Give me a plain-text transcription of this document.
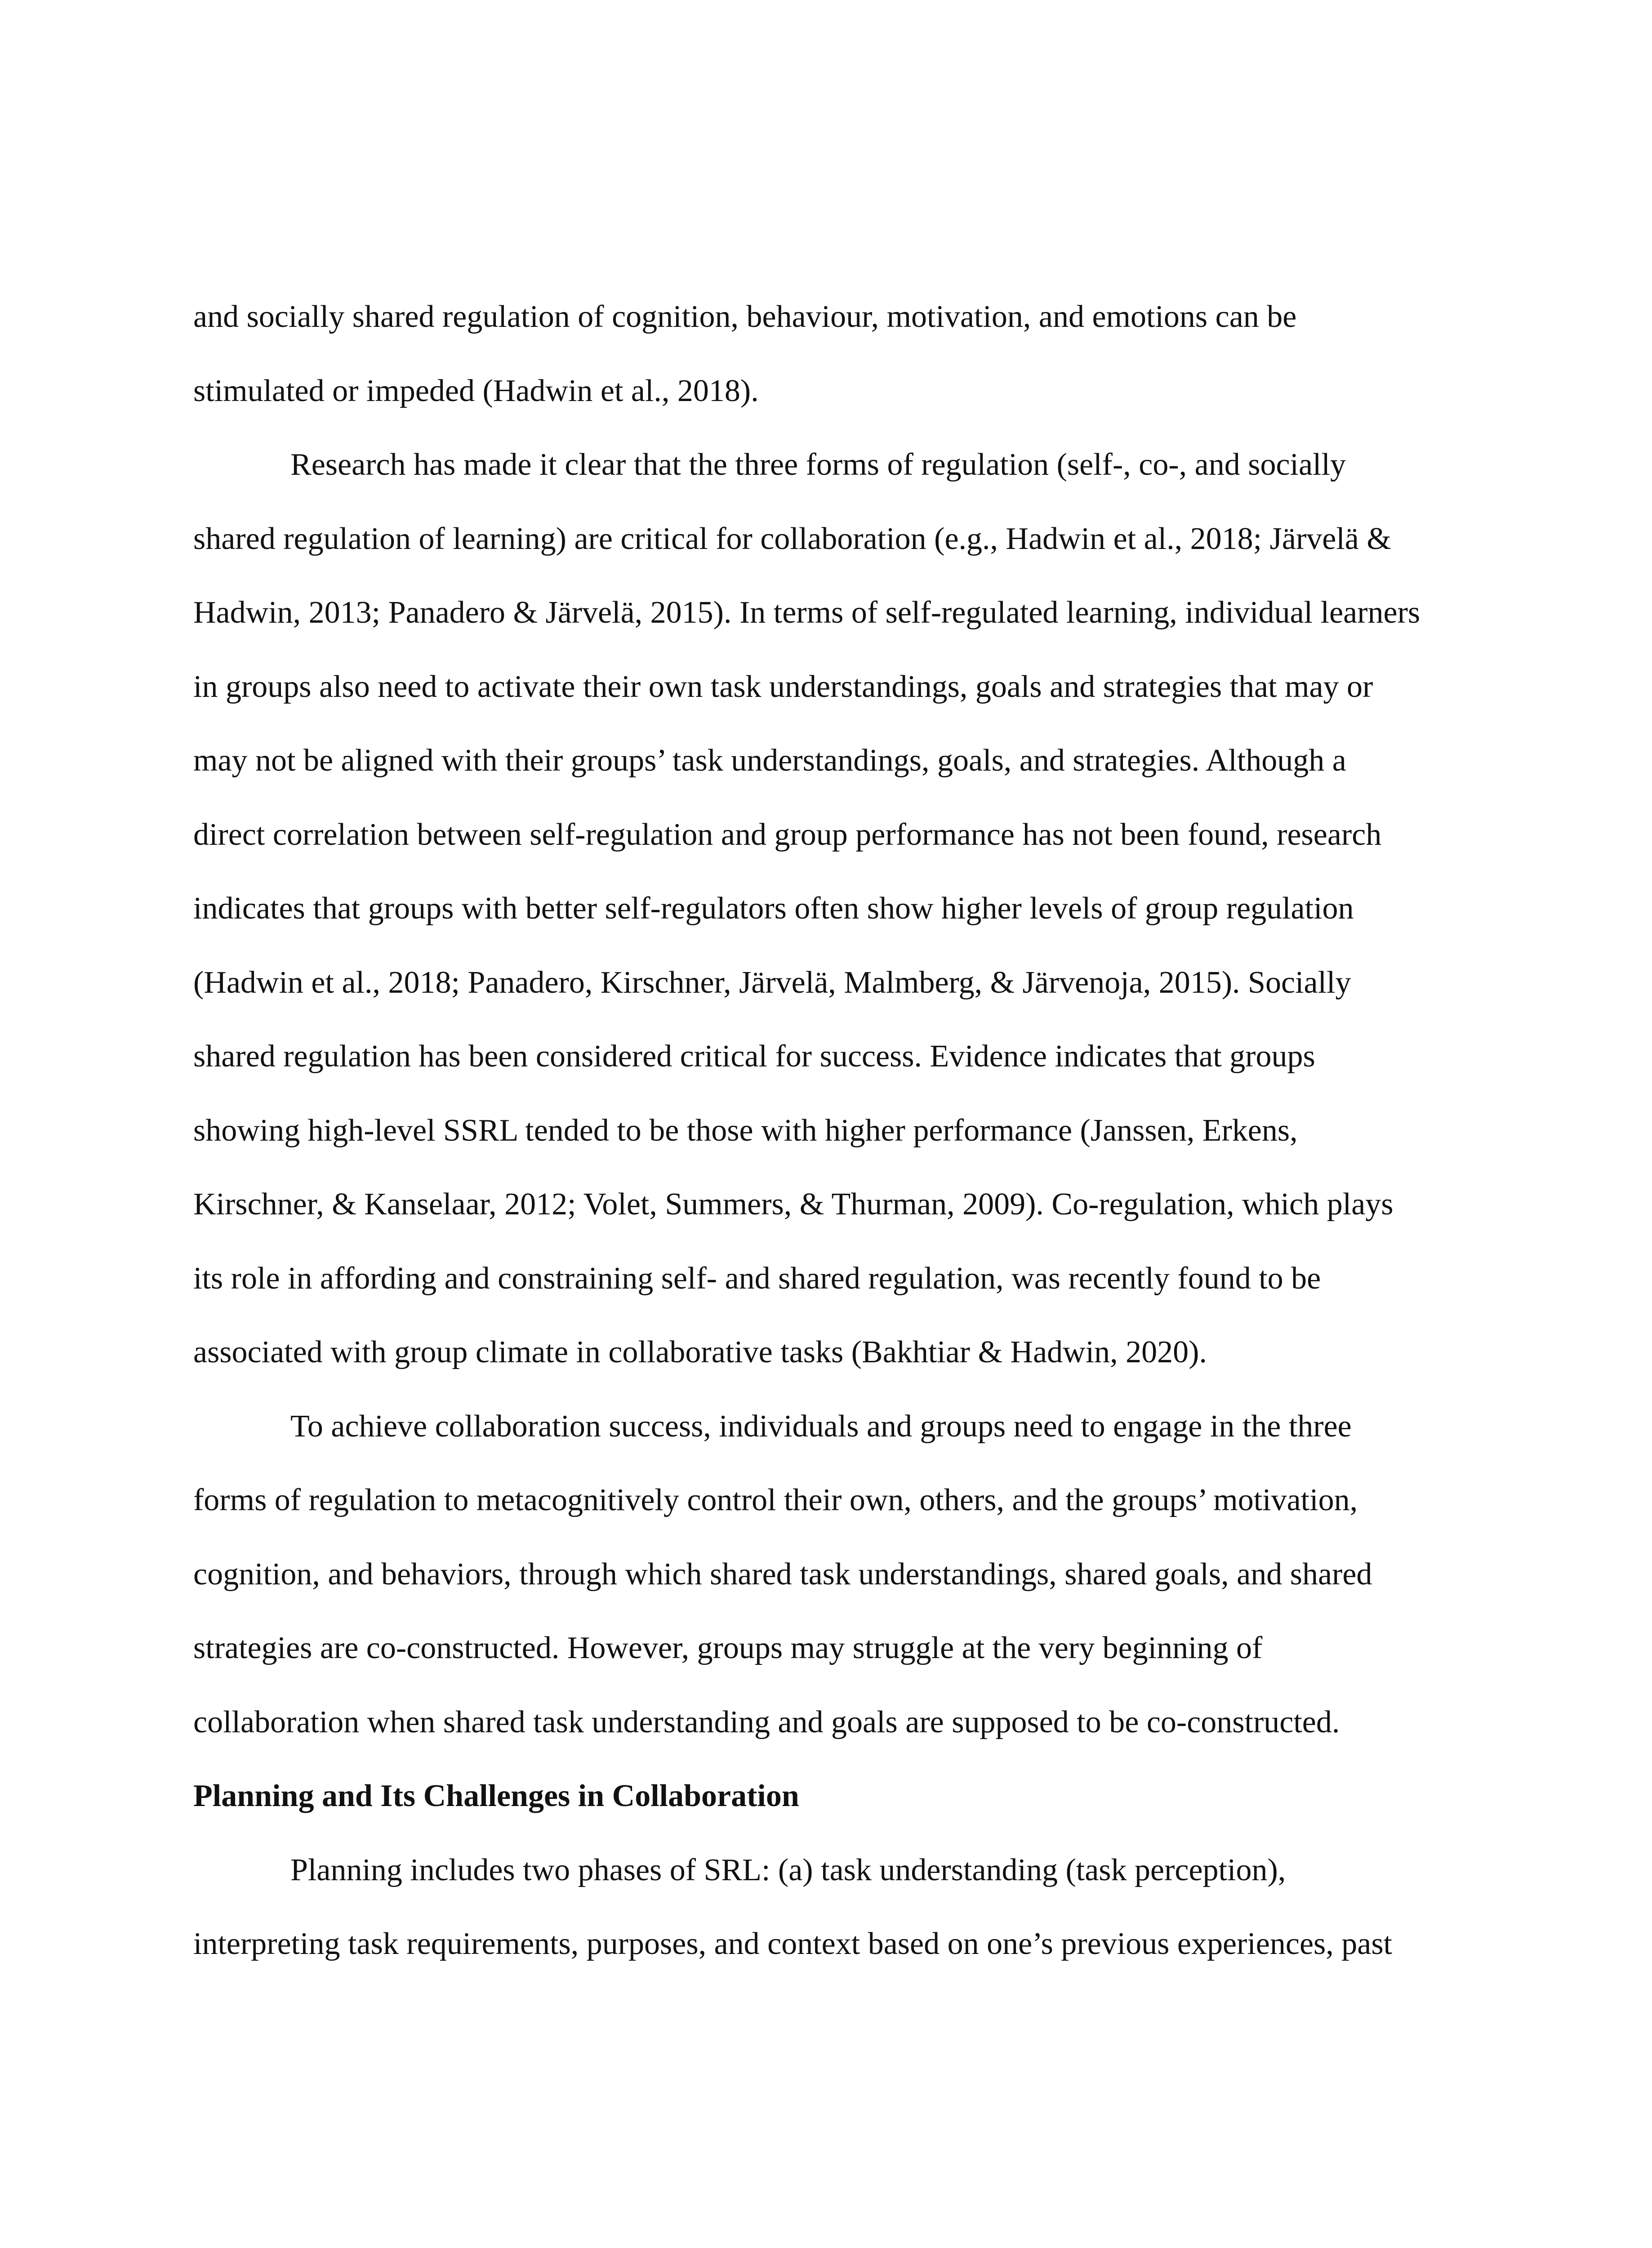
and socially shared regulation of cognition, behaviour, motivation, and emotions can be
stimulated or impeded (Hadwin et al., 2018).
Research has made it clear that the three forms of regulation (self-, co-, and socially
shared regulation of learning) are critical for collaboration (e.g., Hadwin et al., 2018; Järvelä &
Hadwin, 2013; Panadero & Järvelä, 2015). In terms of self-regulated learning, individual learners
in groups also need to activate their own task understandings, goals and strategies that may or
may not be aligned with their groups’ task understandings, goals, and strategies. Although a
direct correlation between self-regulation and group performance has not been found, research
indicates that groups with better self-regulators often show higher levels of group regulation
(Hadwin et al., 2018; Panadero, Kirschner, Järvelä, Malmberg, & Järvenoja, 2015). Socially
shared regulation has been considered critical for success. Evidence indicates that groups
showing high-level SSRL tended to be those with higher performance (Janssen, Erkens,
Kirschner, & Kanselaar, 2012; Volet, Summers, & Thurman, 2009). Co-regulation, which plays
its role in affording and constraining self- and shared regulation, was recently found to be
associated with group climate in collaborative tasks (Bakhtiar & Hadwin, 2020).
To achieve collaboration success, individuals and groups need to engage in the three
forms of regulation to metacognitively control their own, others, and the groups’ motivation,
cognition, and behaviors, through which shared task understandings, shared goals, and shared
strategies are co-constructed. However, groups may struggle at the very beginning of
collaboration when shared task understanding and goals are supposed to be co-constructed.
Planning and Its Challenges in Collaboration
Planning includes two phases of SRL: (a) task understanding (task perception),
interpreting task requirements, purposes, and context based on one’s previous experiences, past
